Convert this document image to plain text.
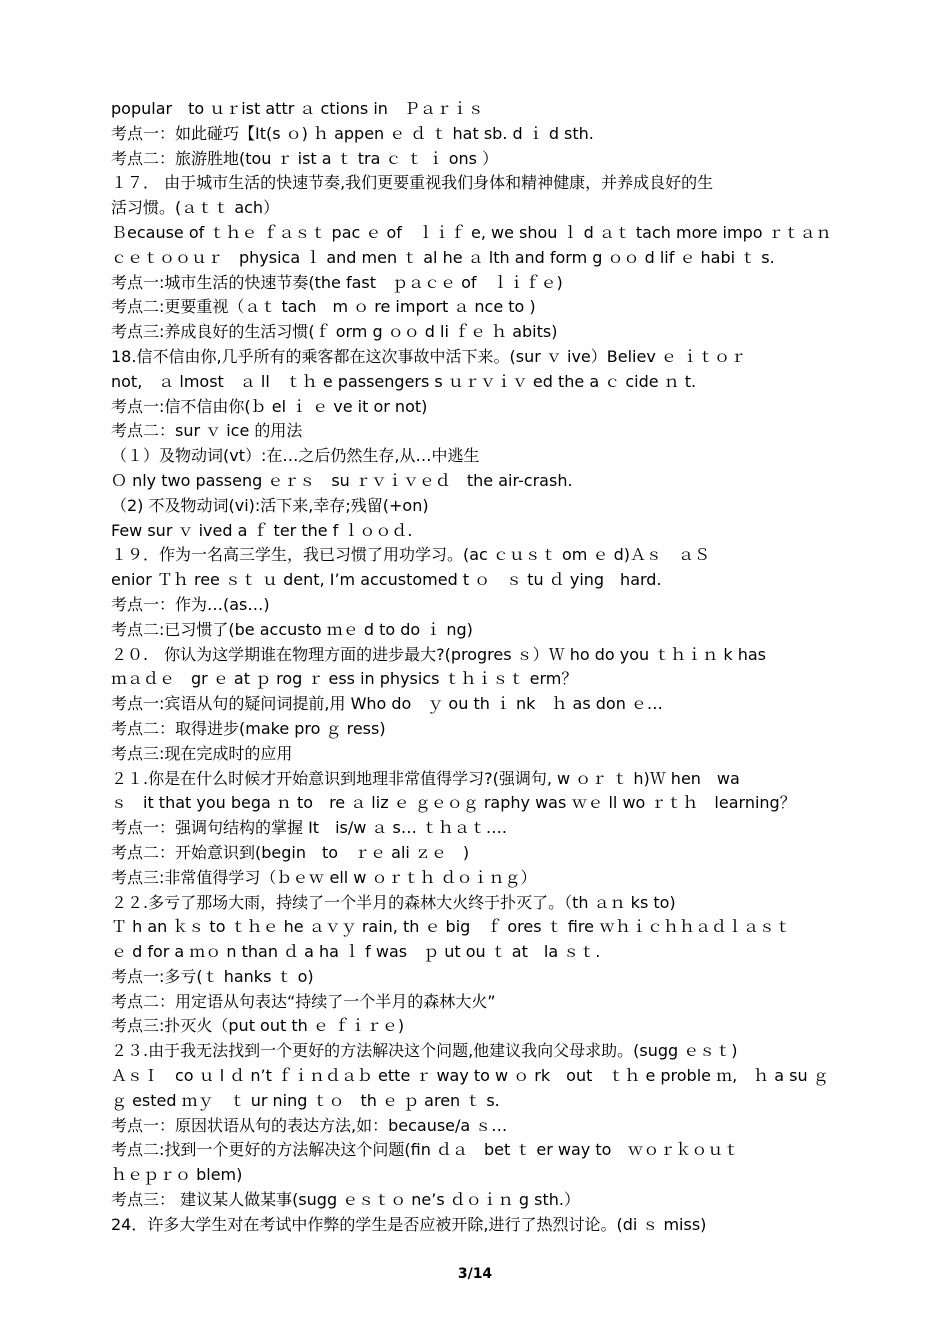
popular　to ｕｒist attr ａ ctions in　Ｐａｒｉｓ
考点一：如此碰巧【It(s ｏ) ｈ appen ｅ ｄ ｔ hat sb. d ｉ d sth.
考点二：旅游胜地(tou ｒ ist a ｔ tra ｃ ｔ ｉ ons ）
１７． 由于城市生活的快速节奏,我们更要重视我们身体和精神健康，并养成良好的生
活习惯。(ａｔｔ ach）
Ｂecause of ｔｈｅ ｆａｓｔ pac ｅ of　ｌｉｆ e, we shou ｌ d ａｔ tach more impo ｒｔａｎ
ｃｅｔｏｏｕｒ　physica ｌ and men ｔ al he ａ lth and form g ｏｏ d lif ｅ habi ｔ s.
考点一:城市生活的快速节奏(the fast　ｐａｃｅ of　ｌｉｆｅ)
考点二:更要重视（ａｔ tach　m ｏ re import ａ nce to )
考点三:养成良好的生活习惯(ｆ orm g ｏｏ d li ｆｅ ｈ abits)
18.信不信由你,几乎所有的乘客都在这次事故中活下来。(sur ｖ ive）Believ ｅ ｉｔｏｒ
not,　ａ lmost　ａ ll　ｔｈ e passengers s ｕｒｖｉｖ ed the a ｃ cide ｎ t.
考点一:信不信由你(ｂ el ｉ ｅ ve it or not)
考点二：sur ｖ ice 的用法
（１）及物动词(vt）:在…之后仍然生存,从…中逃生
Ｏ nly two passeng ｅｒｓ　su ｒｖｉｖｅｄ　the air-crash.
（2) 不及物动词(vi):活下来,幸存;残留(+on)
Few sur ｖ ived a ｆ ter the f ｌｏｏｄ.
１９．作为一名高三学生，我已习惯了用功学习。(ac ｃｕｓｔ om ｅ d)Ａｓ　ａＳ
enior Ｔｈ ree ｓｔ ｕ dent, I’m accustomed t ｏ　ｓ tu ｄ ying　hard.
考点一：作为…(as…)
考点二:已习惯了(be accusto ｍｅ d to do ｉ ng)
２０.　你认为这学期谁在物理方面的进步最大?(progres ｓ）Ｗ ho do you ｔｈｉｎ k has
ｍａｄｅ　gr ｅ at ｐ rog ｒ ess in physics ｔｈｉｓｔ erm？
考点一:宾语从句的疑问词提前,用 Who do　ｙ ou th ｉ nk　ｈ as don ｅ…
考点二：取得进步(make pro ｇ ress)
考点三:现在完成时的应用
２１.你是在什么时候才开始意识到地理非常值得学习?(强调句, w ｏｒ ｔ h)Ｗ hen　wa
ｓ　it that you bega ｎ to　re ａ liz ｅ ｇｅｏｇ raphy was ｗｅ ll wo ｒｔｈ　learning？
考点一：强调句结构的掌握 It　is/w ａ s… ｔｈａｔ….
考点二：开始意识到(begin　to　ｒｅ ali ｚｅ　)
考点三:非常值得学习（ｂｅｗ ell w ｏｒｔｈ ｄｏｉｎｇ）
２２.多亏了那场大雨，持续了一个半月的森林大火终于扑灭了。（th ａｎ ks to)
Ｔ h an ｋｓ to ｔｈｅ he ａｖｙ rain, th ｅ big　ｆ ores ｔ fire ｗｈｉｃｈｈａｄｌａｓｔ
ｅ d for a ｍｏ n than ｄ a ha ｌ f was　ｐ ut ou ｔ at　la ｓｔ.
考点一:多亏(ｔ hanks ｔ o)
考点二：用定语从句表达“持续了一个半月的森林大火”
考点三:扑灭火（put out th ｅ ｆｉｒｅ)
２３.由于我无法找到一个更好的方法解决这个问题,他建议我向父母求助。(sugg ｅｓｔ)
ＡｓＩ　co ｕ l ｄ n’t ｆｉｎｄａｂ ette ｒ way to w ｏ rk　out　ｔｈ e proble ｍ,　ｈ a su ｇ
ｇ ested ｍｙ　ｔ ur ning ｔｏ　th ｅ ｐ aren ｔ s.
考点一：原因状语从句的表达方法,如：because/a ｓ…
考点二:找到一个更好的方法解决这个问题(fin ｄａ　bet ｔ er way to　ｗｏｒｋｏｕｔ
ｈｅｐｒｏ blem)
考点三： 建议某人做某事(sugg ｅｓｔｏ ne’s ｄｏｉｎ g sth.）
24．许多大学生对在考试中作弊的学生是否应被开除,进行了热烈讨论。(di ｓ miss)
3/14
